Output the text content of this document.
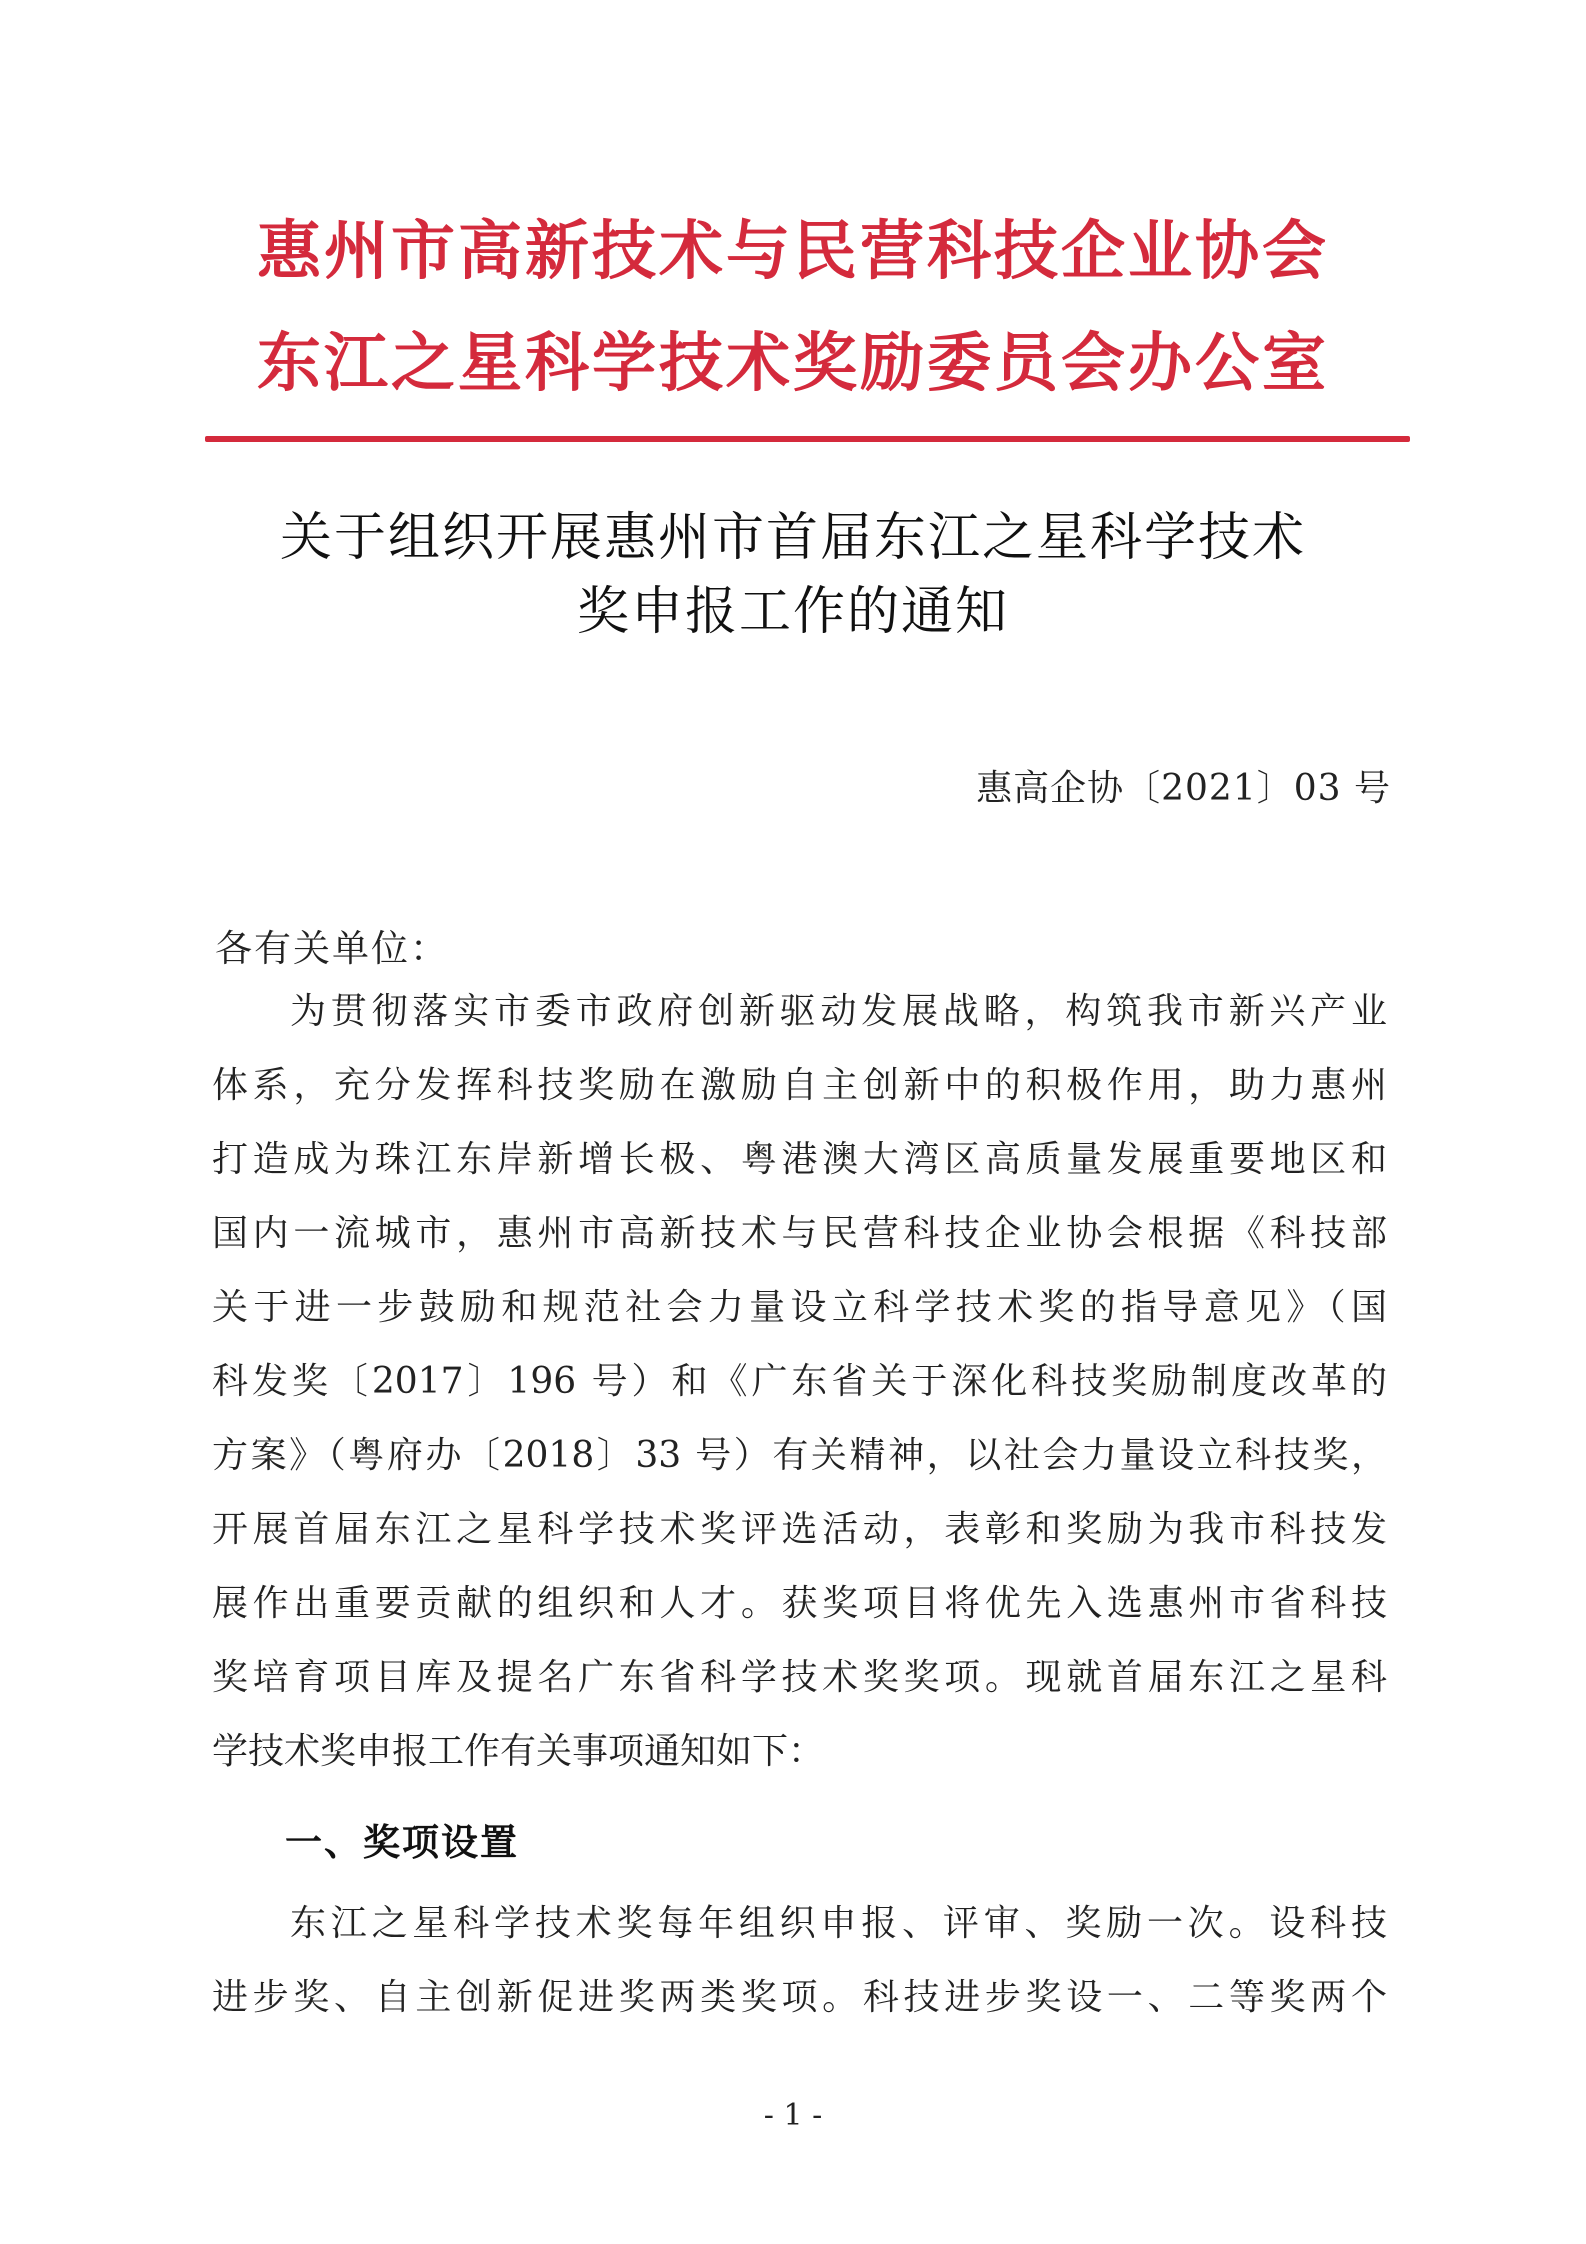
惠州市高新技术与民营科技企业协会
东江之星科学技术奖励委员会办公室
关于组织开展惠州市首届东江之星科学技术
奖申报工作的通知
惠高企协〔2021〕03 号
各有关单位：
为贯彻落实市委市政府创新驱动发展战略，构筑我市新兴产业
体系，充分发挥科技奖励在激励自主创新中的积极作用，助力惠州
打造成为珠江东岸新增长极、粤港澳大湾区高质量发展重要地区和
国内一流城市，惠州市高新技术与民营科技企业协会根据《科技部
关于进一步鼓励和规范社会力量设立科学技术奖的指导意见》（国
科发奖〔2017〕196 号）和《广东省关于深化科技奖励制度改革的
方案》（粤府办〔2018〕33 号）有关精神，以社会力量设立科技奖，
开展首届东江之星科学技术奖评选活动，表彰和奖励为我市科技发
展作出重要贡献的组织和人才。获奖项目将优先入选惠州市省科技
奖培育项目库及提名广东省科学技术奖奖项。现就首届东江之星科
学技术奖申报工作有关事项通知如下：
一、奖项设置
东江之星科学技术奖每年组织申报、评审、奖励一次。设科技
进步奖、自主创新促进奖两类奖项。科技进步奖设一、二等奖两个
- 1 -
